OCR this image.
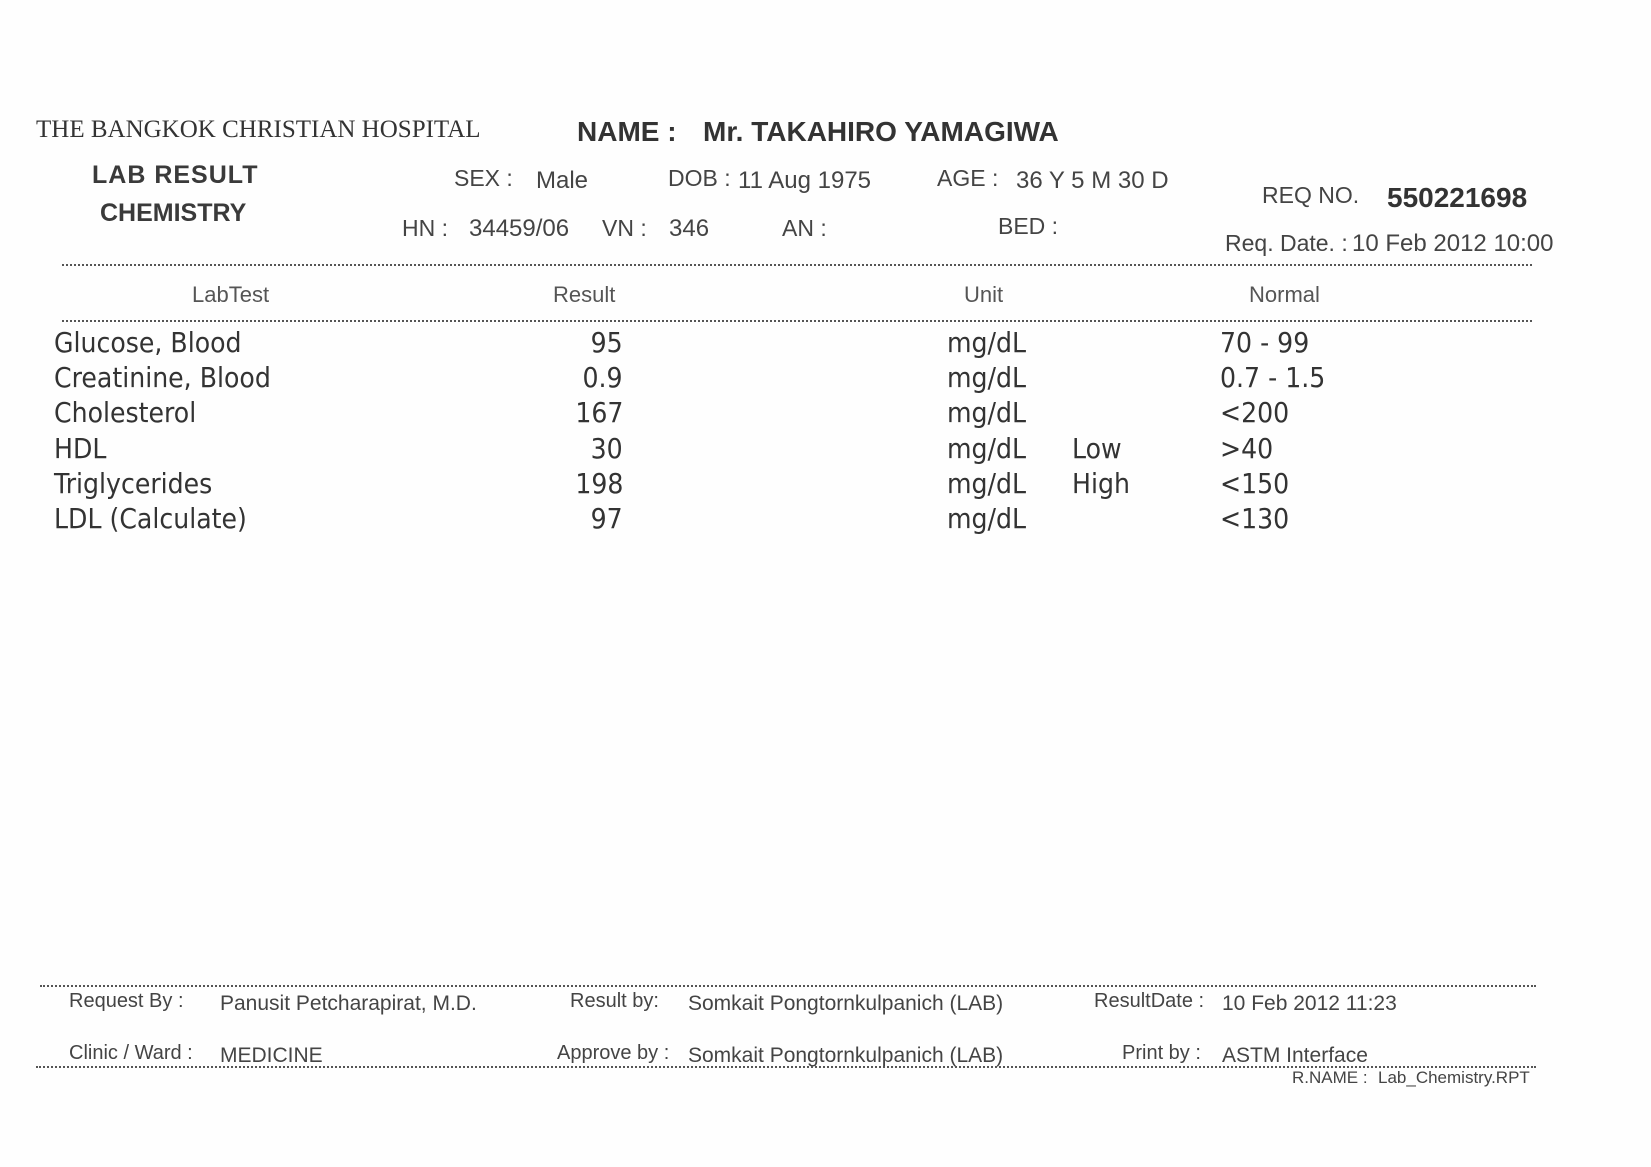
THE BANGKOK CHRISTIAN HOSPITAL	NAME : Mr. TAKAHIRO YAMAGIWA
LAB RESULT
CHEMISTRY
SEX : Male	DOB : 11 Aug 1975	AGE : 36 Y 5 M 30 D
REQ NO. 550221698
HN : 34459/06 VN : 346	AN :	BED :
Req. Date. : 10 Feb 2012 10:00
LabTest	Result	Unit	Normal
Glucose, Blood	95	mg/dL	70 - 99
Creatinine, Blood	0.9	mg/dL	0.7 - 1.5
Cholesterol	167	mg/dL	<200
HDL	30	mg/dL Low	>40
Triglycerides	198	mg/dL High	<150
LDL (Calculate)	97	mg/dL	<130
Request By : Panusit Petcharapirat, M.D.	Result by: Somkait Pongtornkulpanich (LAB)	ResultDate : 10 Feb 2012 11:23
Clinic / Ward : MEDICINE	Approve by : Somkait Pongtornkulpanich (LAB)	Print by : ASTM Interface
R.NAME : Lab_Chemistry.RPT
